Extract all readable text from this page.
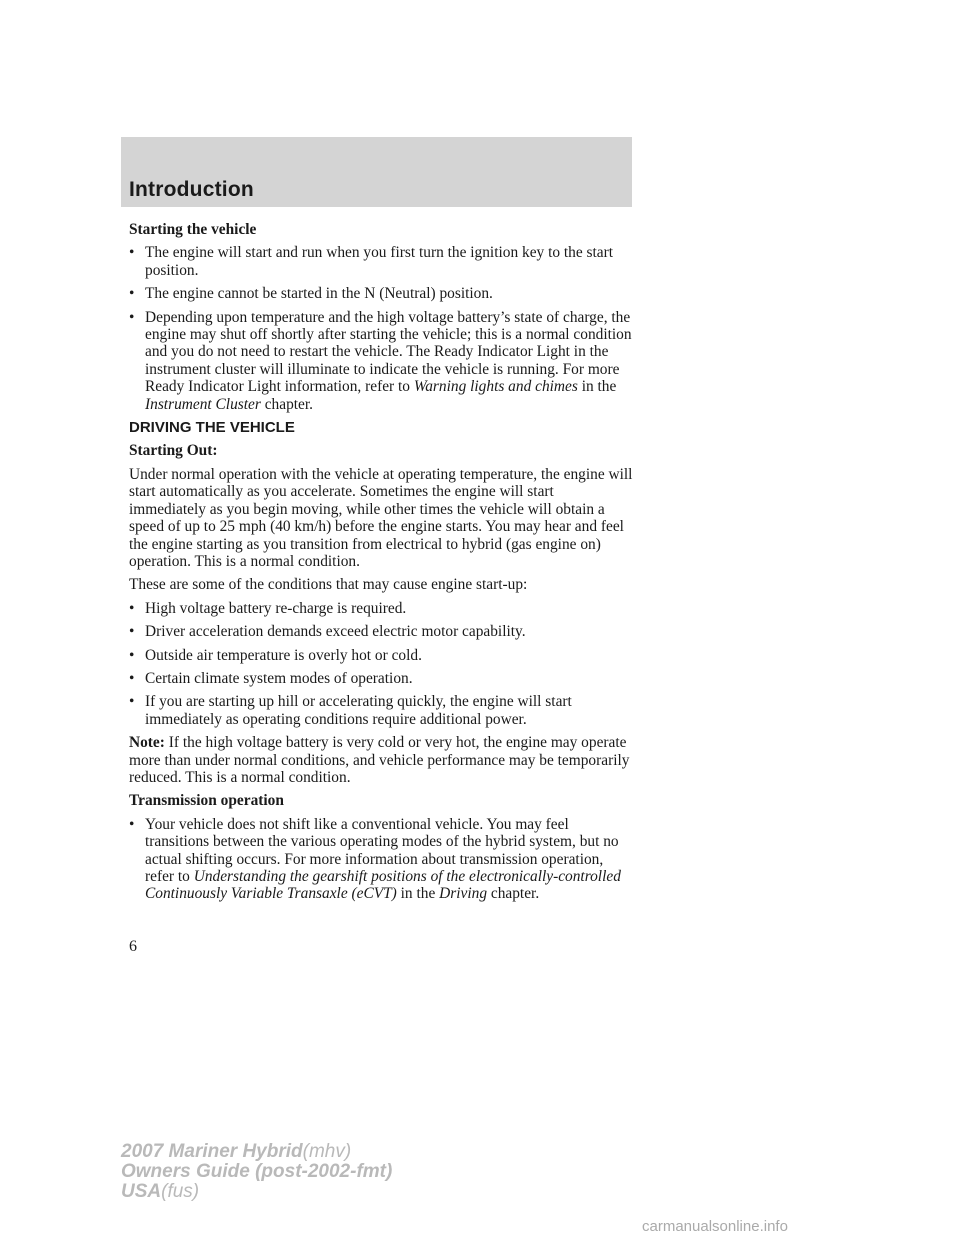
Introduction

Starting the vehicle

• The engine will start and run when you first turn the ignition key to the start position.
• The engine cannot be started in the N (Neutral) position.
• Depending upon temperature and the high voltage battery’s state of charge, the engine may shut off shortly after starting the vehicle; this is a normal condition and you do not need to restart the vehicle. The Ready Indicator Light in the instrument cluster will illuminate to indicate the vehicle is running. For more Ready Indicator Light information, refer to Warning lights and chimes in the Instrument Cluster chapter.

DRIVING THE VEHICLE

Starting Out:

Under normal operation with the vehicle at operating temperature, the engine will start automatically as you accelerate. Sometimes the engine will start immediately as you begin moving, while other times the vehicle will obtain a speed of up to 25 mph (40 km/h) before the engine starts. You may hear and feel the engine starting as you transition from electrical to hybrid (gas engine on) operation. This is a normal condition.

These are some of the conditions that may cause engine start-up:

• High voltage battery re-charge is required.
• Driver acceleration demands exceed electric motor capability.
• Outside air temperature is overly hot or cold.
• Certain climate system modes of operation.
• If you are starting up hill or accelerating quickly, the engine will start immediately as operating conditions require additional power.

Note: If the high voltage battery is very cold or very hot, the engine may operate more than under normal conditions, and vehicle performance may be temporarily reduced. This is a normal condition.

Transmission operation

• Your vehicle does not shift like a conventional vehicle. You may feel transitions between the various operating modes of the hybrid system, but no actual shifting occurs. For more information about transmission operation, refer to Understanding the gearshift positions of the electronically-controlled Continuously Variable Transaxle (eCVT) in the Driving chapter.
6
2007 Mariner Hybrid(mhv)
Owners Guide (post-2002-fmt)
USA(fus)
carmanualsonline.info
